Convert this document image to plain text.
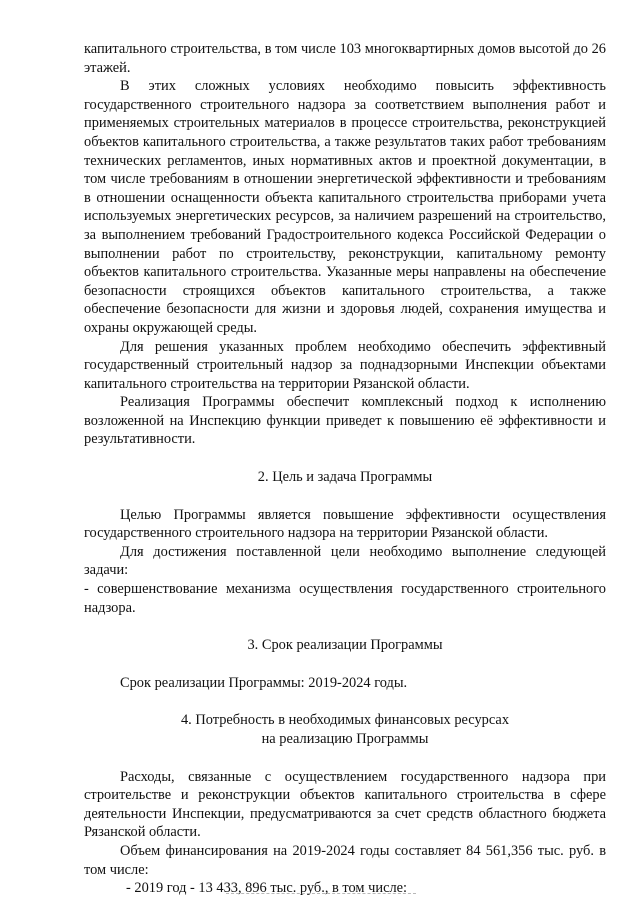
капитального строительства, в том числе 103 многоквартирных домов высотой до 26 этажей.

В этих сложных условиях необходимо повысить эффективность государственного строительного надзора за соответствием выполнения работ и применяемых строительных материалов в процессе строительства, реконструкцией объектов капитального строительства, а также результатов таких работ требованиям технических регламентов, иных нормативных актов и проектной документации, в том числе требованиям в отношении энергетической эффективности и требованиям в отношении оснащенности объекта капитального строительства приборами учета используемых энергетических ресурсов, за наличием разрешений на строительство, за выполнением требований Градостроительного кодекса Российской Федерации о выполнении работ по строительству, реконструкции, капитальному ремонту объектов капитального строительства. Указанные меры направлены на обеспечение безопасности строящихся объектов капитального строительства, а также обеспечение безопасности для жизни и здоровья людей, сохранения имущества и охраны окружающей среды.

Для решения указанных проблем необходимо обеспечить эффективный государственный строительный надзор за поднадзорными Инспекции объектами капитального строительства на территории Рязанской области.

Реализация Программы обеспечит комплексный подход к исполнению возложенной на Инспекцию функции приведет к повышению её эффективности и результативности.

2. Цель и задача Программы

Целью Программы является повышение эффективности осуществления государственного строительного надзора на территории Рязанской области.

Для достижения поставленной цели необходимо выполнение следующей задачи:

- совершенствование механизма осуществления государственного строительного надзора.

3. Срок реализации Программы

Срок реализации Программы: 2019-2024 годы.

4. Потребность в необходимых финансовых ресурсах
на реализацию Программы

Расходы, связанные с осуществлением государственного надзора при строительстве и реконструкции объектов капитального строительства в сфере деятельности Инспекции, предусматриваются за счет средств областного бюджета Рязанской области.

Объем финансирования на 2019-2024 годы составляет 84 561,356 тыс. руб. в том числе:

- 2019 год - 13 433, 896 тыс. руб., в том числе:
